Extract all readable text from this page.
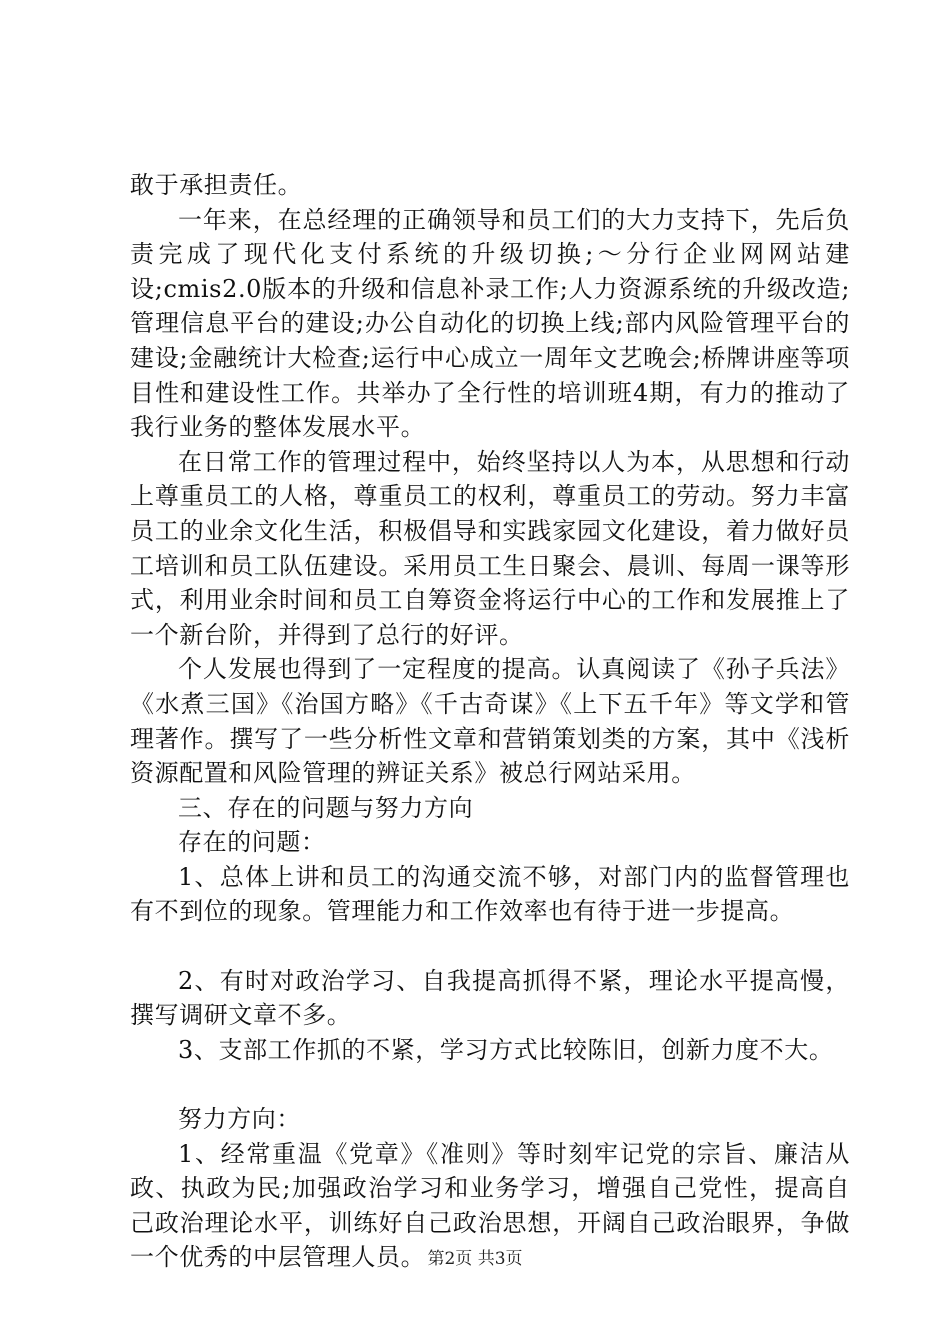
敢于承担责任。

一年来，在总经理的正确领导和员工们的大力支持下，先后负责完成了现代化支付系统的升级切换;～分行企业网网站建设;cmis2.0版本的升级和信息补录工作;人力资源系统的升级改造;管理信息平台的建设;办公自动化的切换上线;部内风险管理平台的建设;金融统计大检查;运行中心成立一周年文艺晚会;桥牌讲座等项目性和建设性工作。共举办了全行性的培训班4期，有力的推动了我行业务的整体发展水平。

在日常工作的管理过程中，始终坚持以人为本，从思想和行动上尊重员工的人格，尊重员工的权利，尊重员工的劳动。努力丰富员工的业余文化生活，积极倡导和实践家园文化建设，着力做好员工培训和员工队伍建设。采用员工生日聚会、晨训、每周一课等形式，利用业余时间和员工自筹资金将运行中心的工作和发展推上了一个新台阶，并得到了总行的好评。

个人发展也得到了一定程度的提高。认真阅读了《孙子兵法》《水煮三国》《治国方略》《千古奇谋》《上下五千年》等文学和管理著作。撰写了一些分析性文章和营销策划类的方案，其中《浅析资源配置和风险管理的辨证关系》被总行网站采用。

三、存在的问题与努力方向

存在的问题：

1、总体上讲和员工的沟通交流不够，对部门内的监督管理也有不到位的现象。管理能力和工作效率也有待于进一步提高。

2、有时对政治学习、自我提高抓得不紧，理论水平提高慢，撰写调研文章不多。

3、支部工作抓的不紧，学习方式比较陈旧，创新力度不大。

努力方向：

1、经常重温《党章》《准则》等时刻牢记党的宗旨、廉洁从政、执政为民;加强政治学习和业务学习，增强自己党性，提高自己政治理论水平，训练好自己政治思想，开阔自己政治眼界，争做一个优秀的中层管理人员。 第2页 共3页
